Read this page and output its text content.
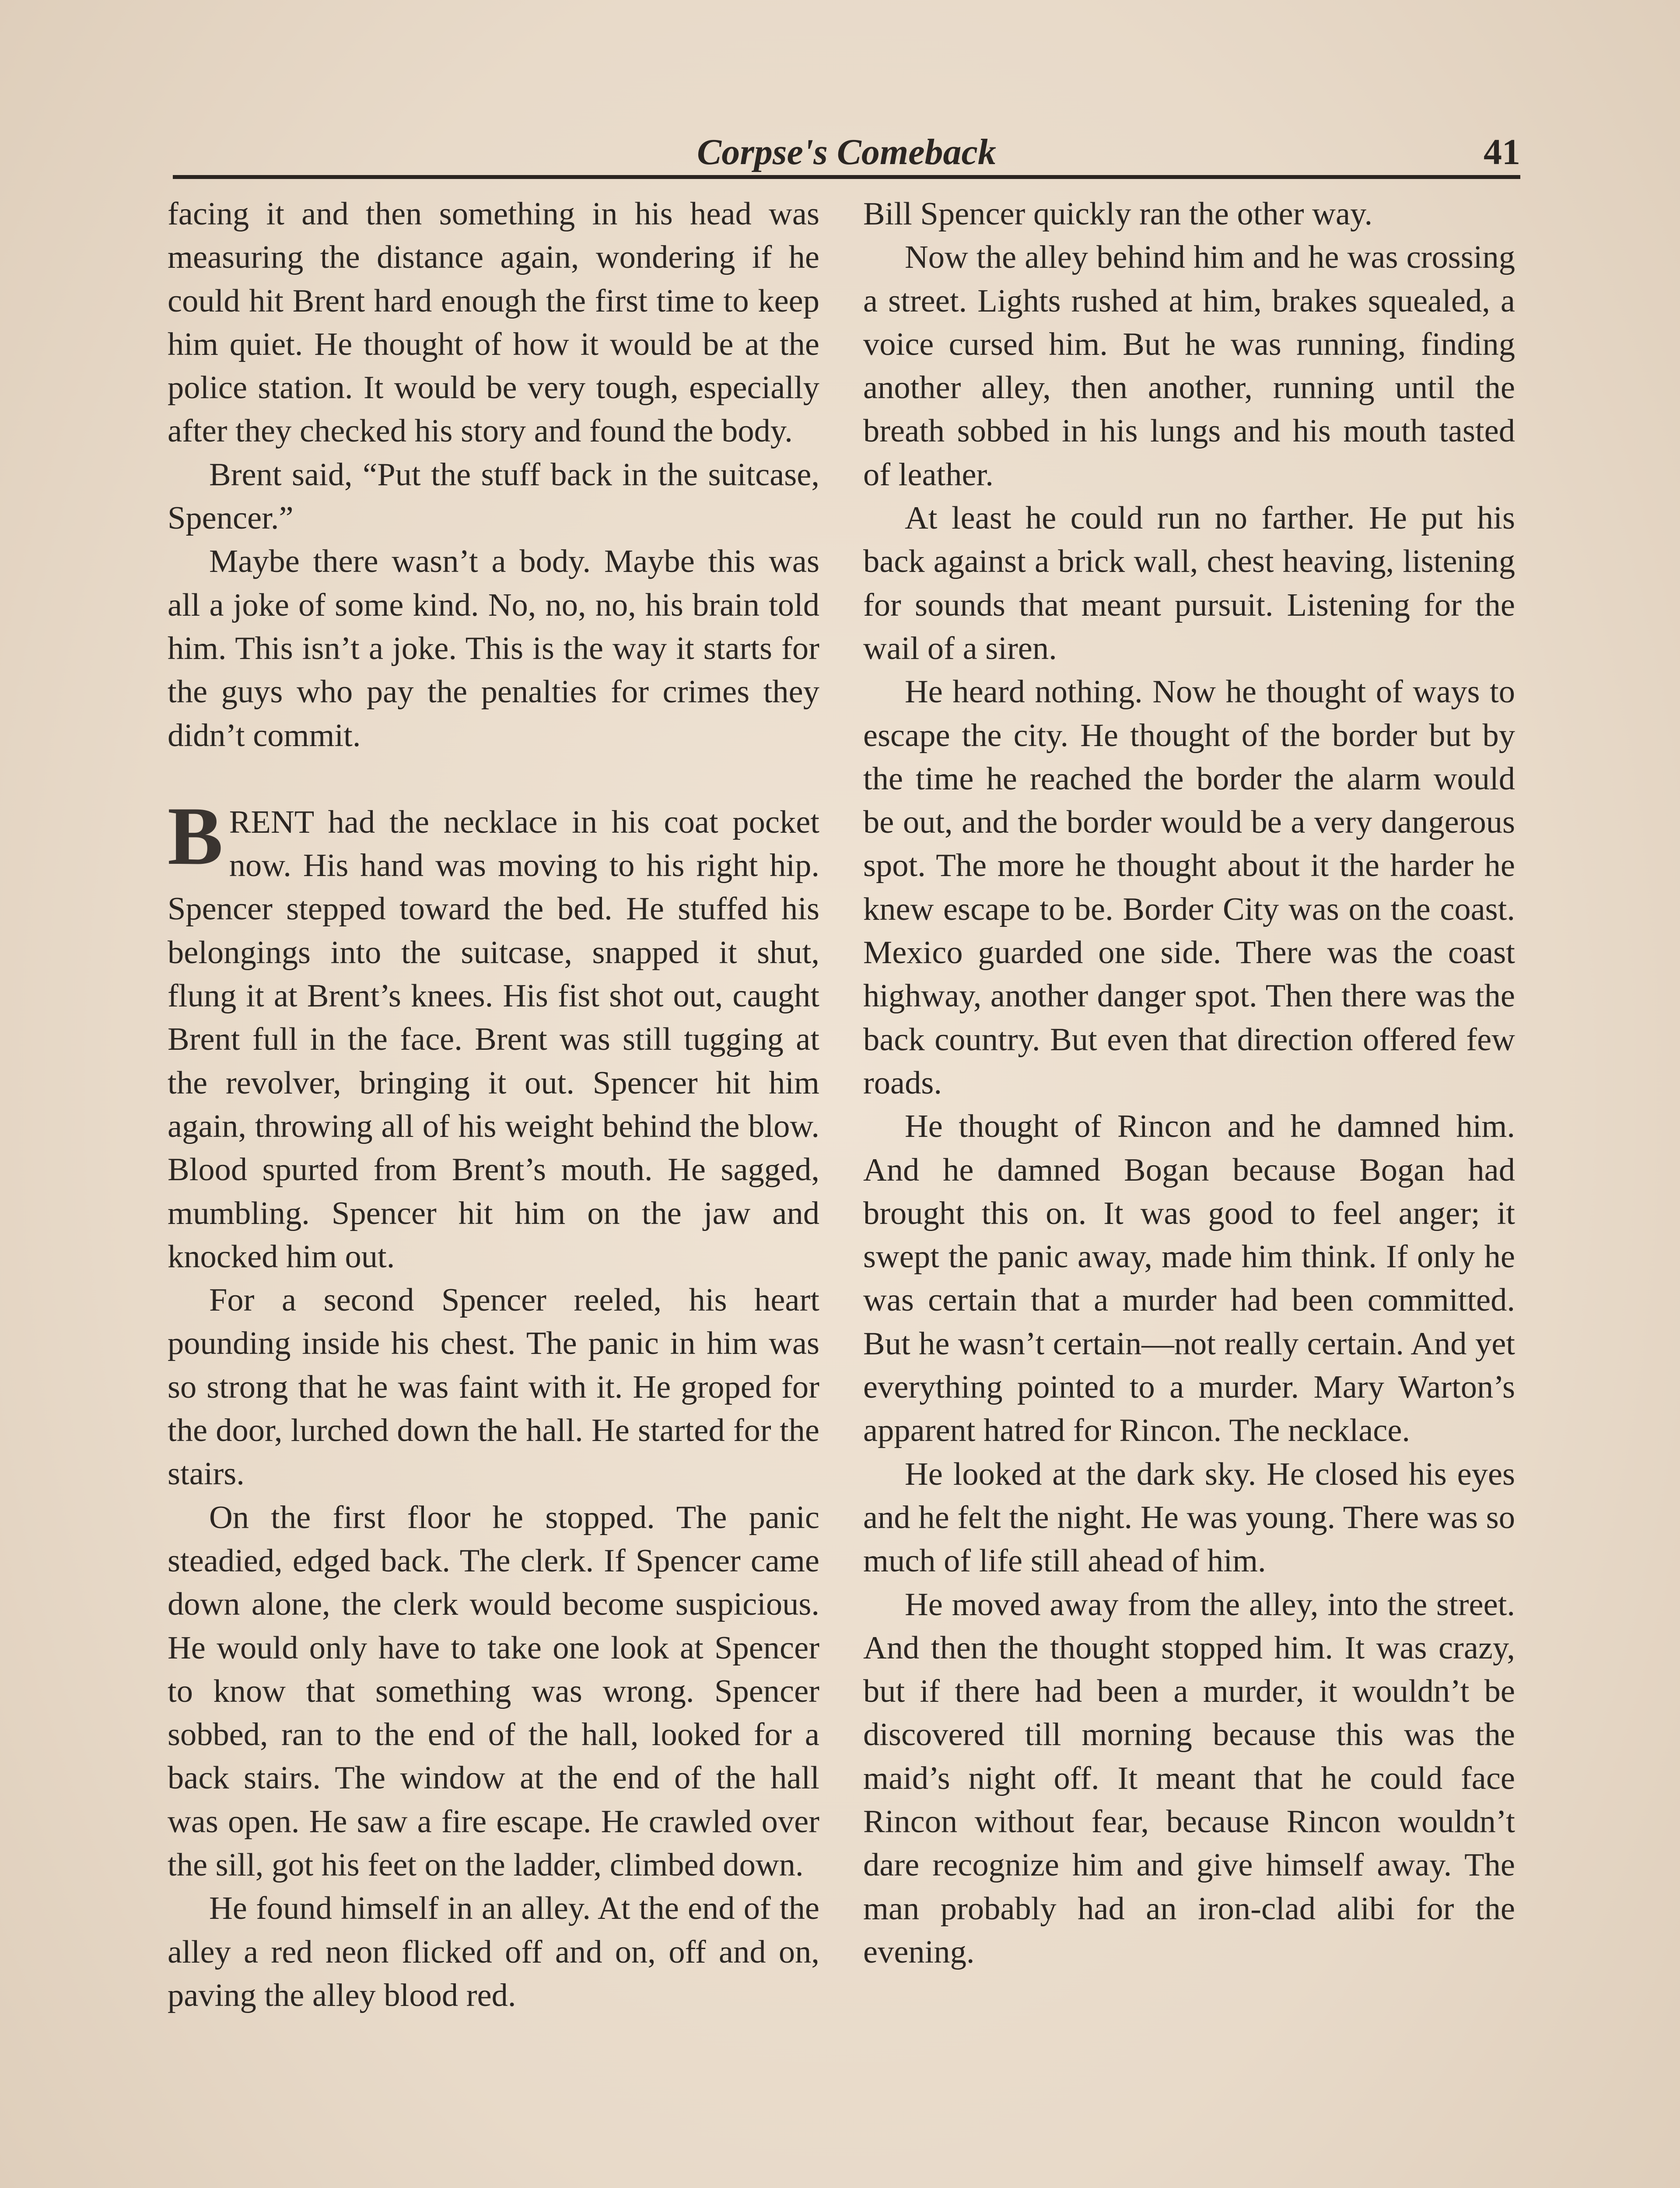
Corpse's Comeback	41

facing it and then something in his head was measuring the distance again, wondering if he could hit Brent hard enough the first time to keep him quiet. He thought of how it would be at the police station. It would be very tough, especially after they checked his story and found the body.

Brent said, “Put the stuff back in the suitcase, Spencer.”

Maybe there wasn’t a body. Maybe this was all a joke of some kind. No, no, no, his brain told him. This isn’t a joke. This is the way it starts for the guys who pay the penalties for crimes they didn’t commit.

BRENT had the necklace in his coat pocket now. His hand was moving to his right hip. Spencer stepped toward the bed. He stuffed his belongings into the suitcase, snapped it shut, flung it at Brent’s knees. His fist shot out, caught Brent full in the face. Brent was still tugging at the revolver, bringing it out. Spencer hit him again, throwing all of his weight behind the blow. Blood spurted from Brent’s mouth. He sagged, mumbling. Spencer hit him on the jaw and knocked him out.

For a second Spencer reeled, his heart pounding inside his chest. The panic in him was so strong that he was faint with it. He groped for the door, lurched down the hall. He started for the stairs.

On the first floor he stopped. The panic steadied, edged back. The clerk. If Spencer came down alone, the clerk would become suspicious. He would only have to take one look at Spencer to know that something was wrong. Spencer sobbed, ran to the end of the hall, looked for a back stairs. The window at the end of the hall was open. He saw a fire escape. He crawled over the sill, got his feet on the ladder, climbed down.

He found himself in an alley. At the end of the alley a red neon flicked off and on, off and on, paving the alley blood red.

Bill Spencer quickly ran the other way.

Now the alley behind him and he was crossing a street. Lights rushed at him, brakes squealed, a voice cursed him. But he was running, finding another alley, then another, running until the breath sobbed in his lungs and his mouth tasted of leather.

At least he could run no farther. He put his back against a brick wall, chest heaving, listening for sounds that meant pursuit. Listening for the wail of a siren.

He heard nothing. Now he thought of ways to escape the city. He thought of the border but by the time he reached the border the alarm would be out, and the border would be a very dangerous spot. The more he thought about it the harder he knew escape to be. Border City was on the coast. Mexico guarded one side. There was the coast highway, another danger spot. Then there was the back country. But even that direction offered few roads.

He thought of Rincon and he damned him. And he damned Bogan because Bogan had brought this on. It was good to feel anger; it swept the panic away, made him think. If only he was certain that a murder had been committed. But he wasn’t certain—not really certain. And yet everything pointed to a murder. Mary Warton’s apparent hatred for Rincon. The necklace.

He looked at the dark sky. He closed his eyes and he felt the night. He was young. There was so much of life still ahead of him.

He moved away from the alley, into the street. And then the thought stopped him. It was crazy, but if there had been a murder, it wouldn’t be discovered till morning because this was the maid’s night off. It meant that he could face Rincon without fear, because Rincon wouldn’t dare recognize him and give himself away. The man probably had an iron-clad alibi for the evening.
